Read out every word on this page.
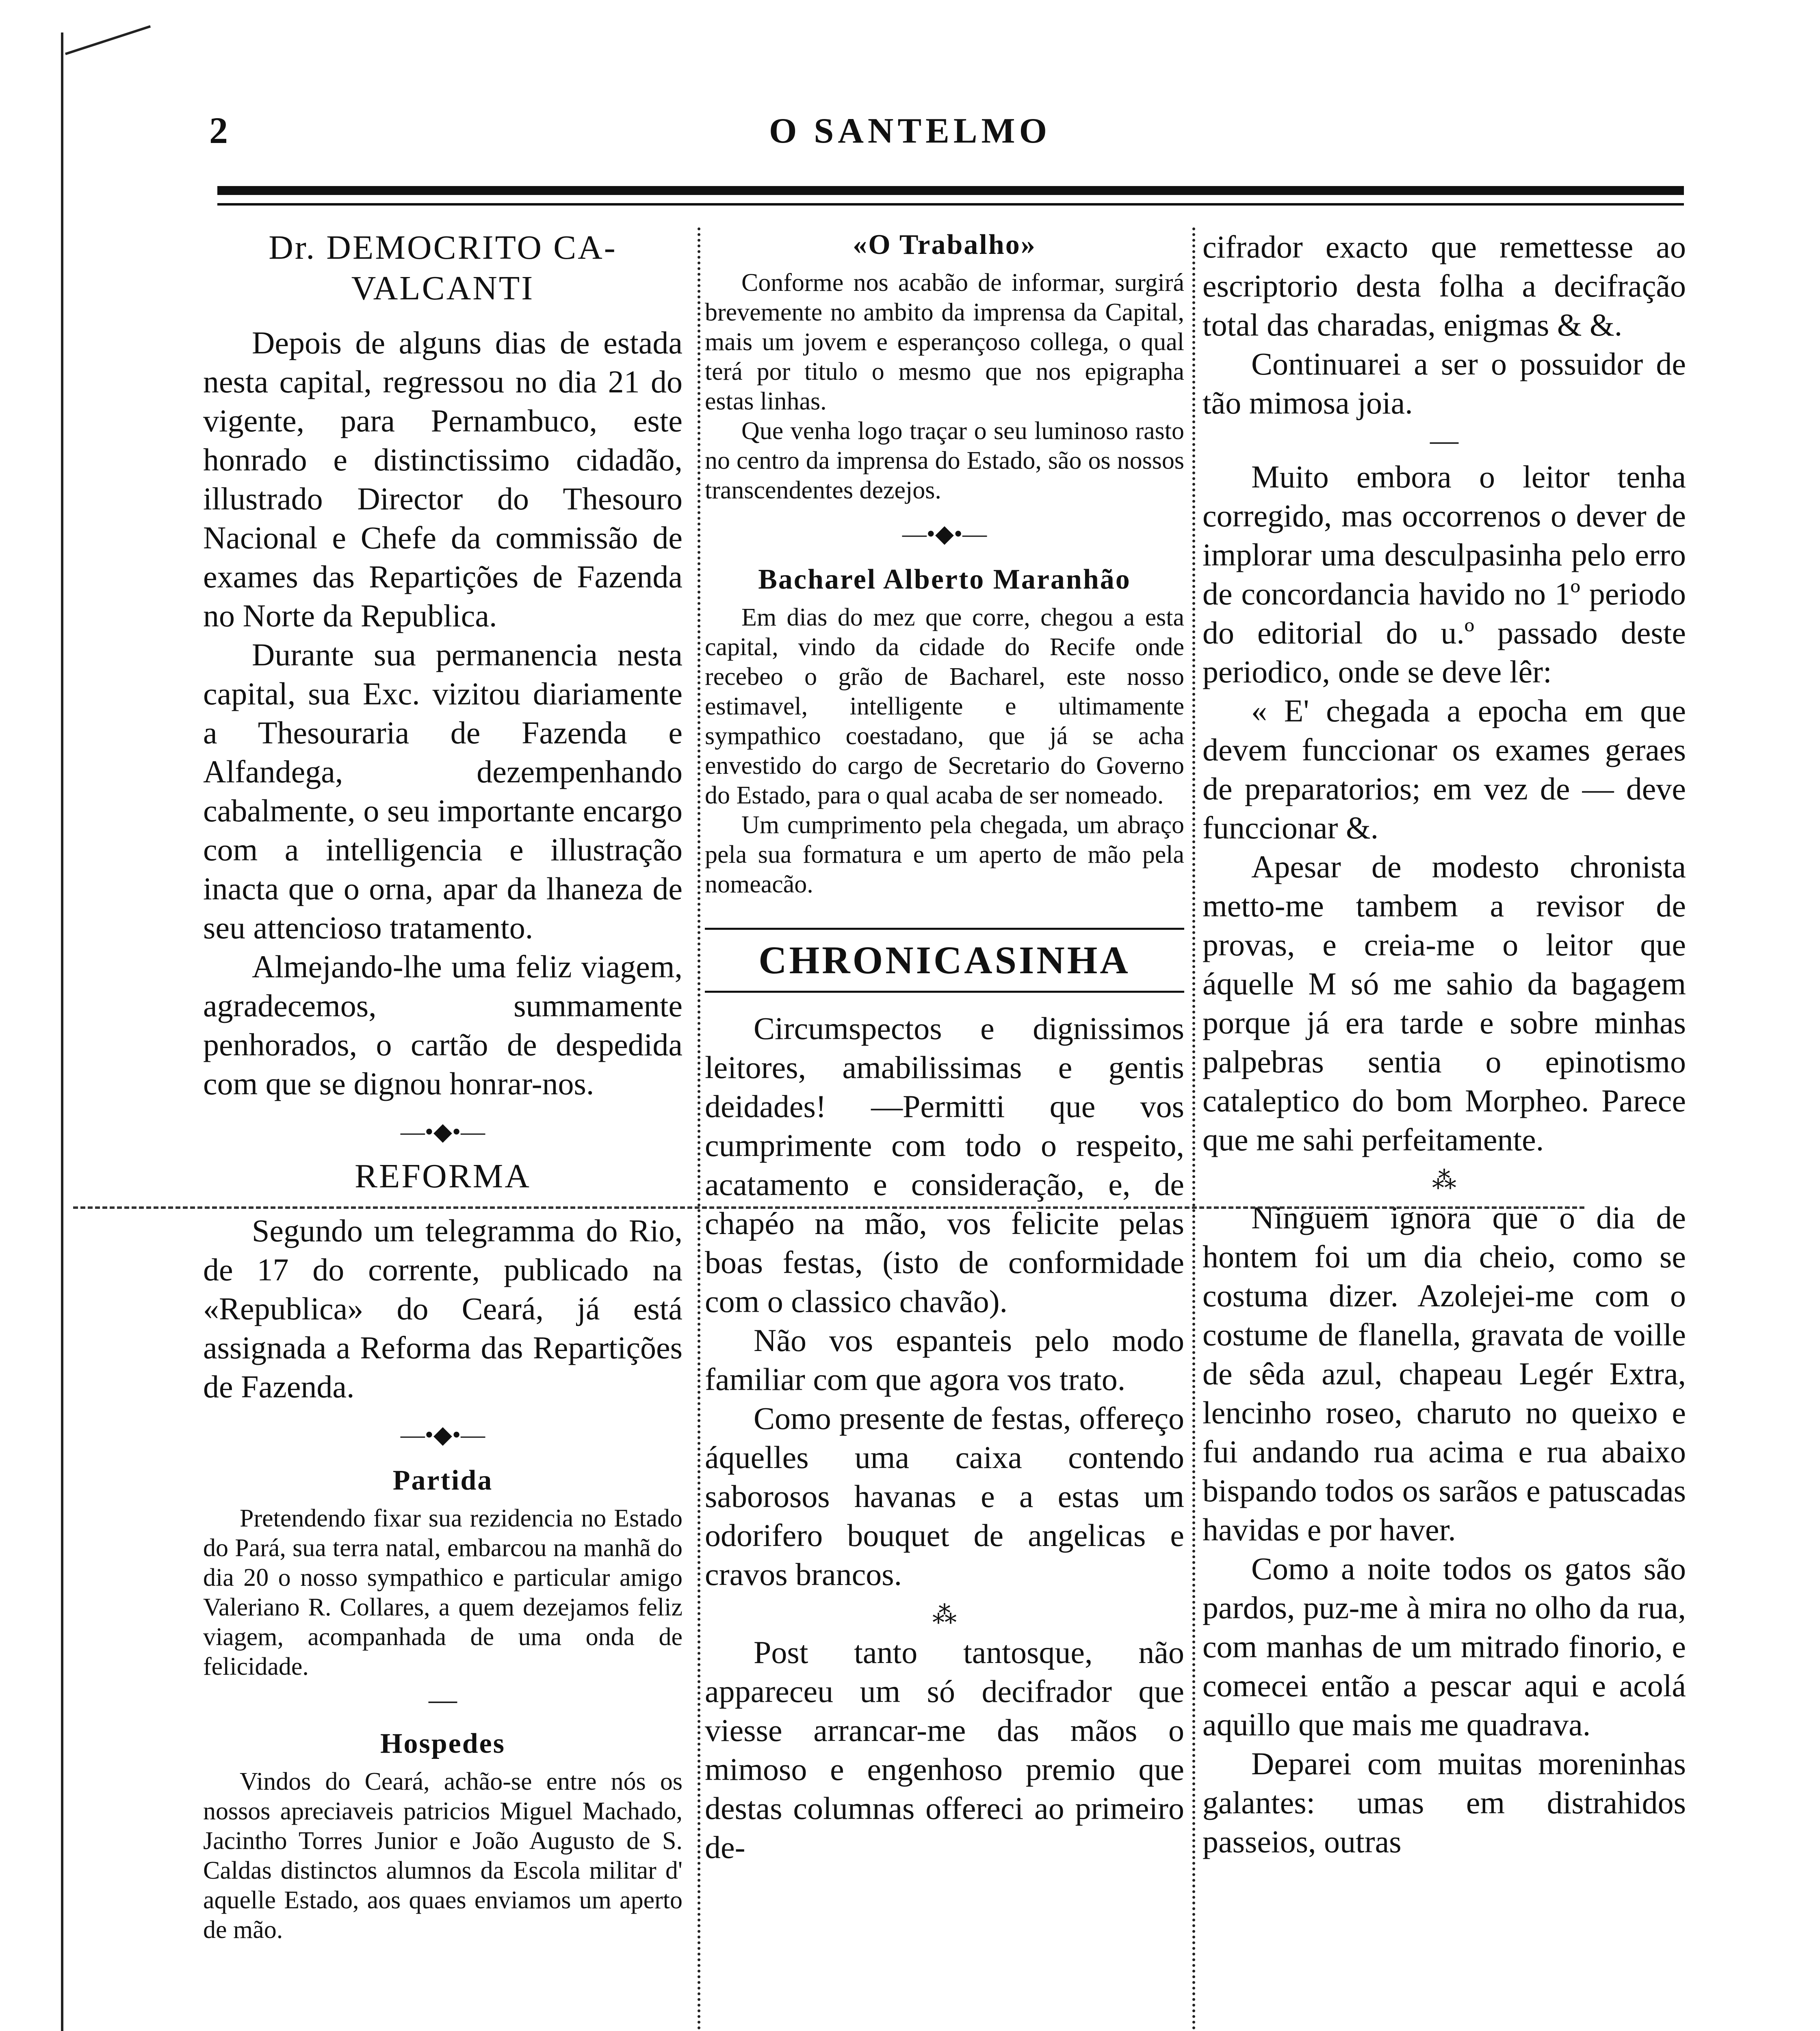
2	O SANTELMO
Dr. DEMOCRITO CA-VALCANTI

Depois de alguns dias de estada nesta capital, regressou no dia 21 do vigente, para Pernambuco, este honrado e distinctissimo cidadão, illustrado Director do Thesouro Nacional e Chefe da commissão de exames das Repartições de Fazenda no Norte da Republica.

Durante sua permanencia nesta capital, sua Exc. vizitou diariamente a Thesouraria de Fazenda e Alfandega, dezempenhando cabalmente, o seu importante encargo com a intelligencia e illustração inacta que o orna, apar da lhaneza de seu attencioso tratamento.

Almejando-lhe uma feliz viagem, agradecemos, summamente penhorados, o cartão de despedida com que se dignou honrar-nos.

—•◆•—
REFORMA

Segundo um telegramma do Rio, de 17 do corrente, publicado na «Republica» do Ceará, já está assignada a Reforma das Repartições de Fazenda.

—•◆•—
Partida

Pretendendo fixar sua rezidencia no Estado do Pará, sua terra natal, embarcou na manhã do dia 20 o nosso sympathico e particular amigo Valeriano R. Collares, a quem dezejamos feliz viagem, acompanhada de uma onda de felicidade.

—
Hospedes

Vindos do Ceará, achão-se entre nós os nossos apreciaveis patricios Miguel Machado, Jacintho Torres Junior e João Augusto de S. Caldas distinctos alumnos da Escola militar d' aquelle Estado, aos quaes enviamos um aperto de mão.

«O Trabalho»

Conforme nos acabão de informar, surgirá brevemente no ambito da imprensa da Capital, mais um jovem e esperançoso collega, o qual terá por titulo o mesmo que nos epigrapha estas linhas.

Que venha logo traçar o seu luminoso rasto no centro da imprensa do Estado, são os nossos transcendentes dezejos.

—•◆•—
Bacharel Alberto Maranhão

Em dias do mez que corre, chegou a esta capital, vindo da cidade do Recife onde recebeo o grão de Bacharel, este nosso estimavel, intelligente e ultimamente sympathico coestadano, que já se acha envestido do cargo de Secretario do Governo do Estado, para o qual acaba de ser nomeado.

Um cumprimento pela chegada, um abraço pela sua formatura e um aperto de mão pela nomeacão.

CHRONICASINHA

Circumspectos e dignissimos leitores, amabilissimas e gentis deidades! —Permitti que vos cumprimente com todo o respeito, acatamento e consideração, e, de chapéo na mão, vos felicite pelas boas festas, (isto de conformidade com o classico chavão).

Não vos espanteis pelo modo familiar com que agora vos trato.

Como presente de festas, offereço áquelles uma caixa contendo saborosos havanas e a estas um odorifero bouquet de angelicas e cravos brancos.

⁂

Post tanto tantosque, não appareceu um só decifrador que viesse arrancar-me das mãos o mimoso e engenhoso premio que destas columnas offereci ao primeiro de-

cifrador exacto que remettesse ao escriptorio desta folha a decifração total das charadas, enigmas & &.

Continuarei a ser o possuidor de tão mimosa joia.

—

Muito embora o leitor tenha corregido, mas occorrenos o dever de implorar uma desculpasinha pelo erro de concordancia havido no 1º periodo do editorial do u.º passado deste periodico, onde se deve lêr:

« E' chegada a epocha em que devem funccionar os exames geraes de preparatorios; em vez de — deve funccionar &.

Apesar de modesto chronista metto-me tambem a revisor de provas, e creia-me o leitor que áquelle M só me sahio da bagagem porque já era tarde e sobre minhas palpebras sentia o epinotismo cataleptico do bom Morpheo. Parece que me sahi perfeitamente.

⁂

Ninguem ignora que o dia de hontem foi um dia cheio, como se costuma dizer. Azolejei-me com o costume de flanella, gravata de voille de sêda azul, chapeau Legér Extra, lencinho roseo, charuto no queixo e fui andando rua acima e rua abaixo bispando todos os sarãos e patuscadas havidas e por haver.

Como a noite todos os gatos são pardos, puz-me à mira no olho da rua, com manhas de um mitrado finorio, e comecei então a pescar aqui e acolá aquillo que mais me quadrava.

Deparei com muitas moreninhas galantes: umas em distrahidos passeios, outras
